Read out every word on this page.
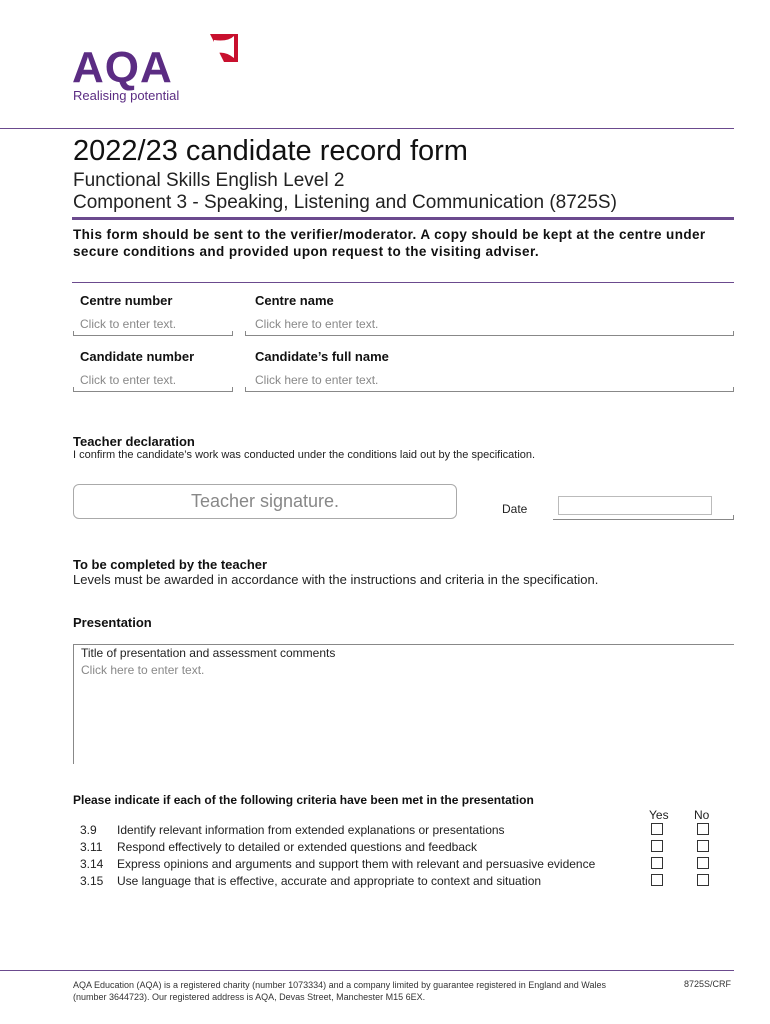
AQA
Realising potential
2022/23 candidate record form
Functional Skills English Level 2
Component 3 - Speaking, Listening and Communication (8725S)
This form should be sent to the verifier/moderator. A copy should be kept at the centre under secure conditions and provided upon request to the visiting adviser.
Centre number	Centre name
Click to enter text.	Click here to enter text.
Candidate number	Candidate’s full name
Click to enter text.	Click here to enter text.
Teacher declaration
I confirm the candidate’s work was conducted under the conditions laid out by the specification.
Teacher signature.	Date
To be completed by the teacher
Levels must be awarded in accordance with the instructions and criteria in the specification.
Presentation
Title of presentation and assessment comments
Click here to enter text.
Please indicate if each of the following criteria have been met in the presentation
Yes No
3.9 Identify relevant information from extended explanations or presentations
3.11 Respond effectively to detailed or extended questions and feedback
3.14 Express opinions and arguments and support them with relevant and persuasive evidence
3.15 Use language that is effective, accurate and appropriate to context and situation
AQA Education (AQA) is a registered charity (number 1073334) and a company limited by guarantee registered in England and Wales (number 3644723). Our registered address is AQA, Devas Street, Manchester M15 6EX.
8725S/CRF
